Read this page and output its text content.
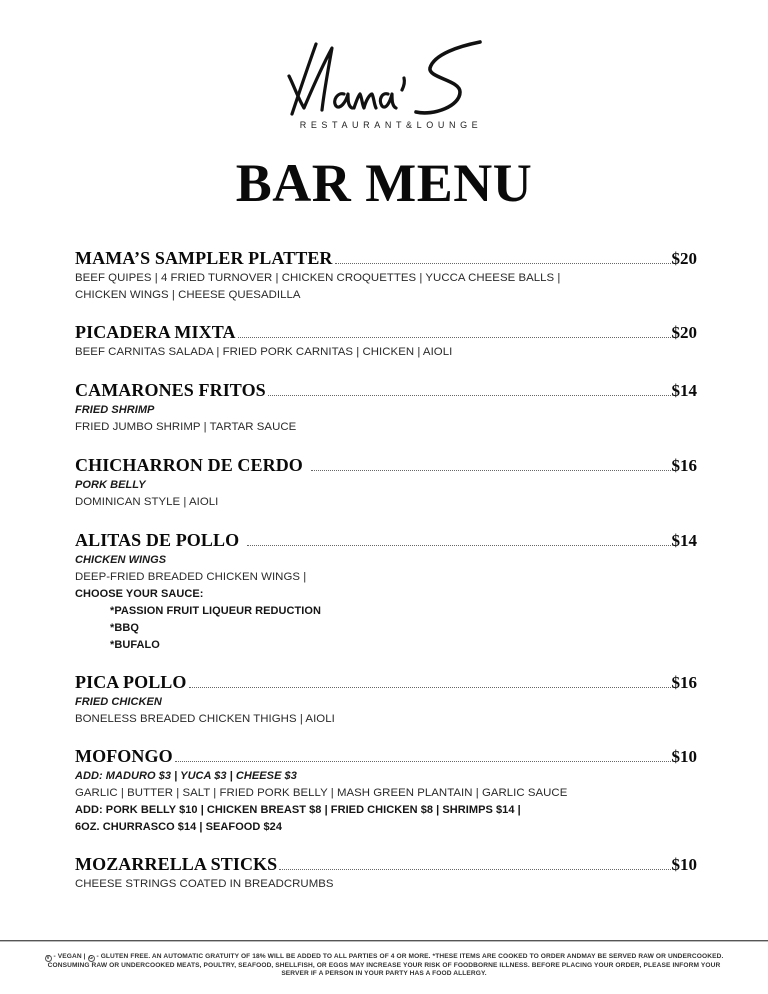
RESTAURANT&LOUNGE
BAR MENU
MAMA’S SAMPLER PLATTER	$20
BEEF QUIPES | 4 FRIED TURNOVER | CHICKEN CROQUETTES | YUCCA CHEESE BALLS |
CHICKEN WINGS | CHEESE QUESADILLA
PICADERA MIXTA	$20
BEEF CARNITAS SALADA | FRIED PORK CARNITAS | CHICKEN | AIOLI
CAMARONES FRITOS	$14
FRIED SHRIMP
FRIED JUMBO SHRIMP | TARTAR SAUCE
CHICHARRON DE CERDO	$16
PORK BELLY
DOMINICAN STYLE | AIOLI
ALITAS DE POLLO	$14
CHICKEN WINGS
DEEP-FRIED BREADED CHICKEN WINGS |
CHOOSE YOUR SAUCE:
*PASSION FRUIT LIQUEUR REDUCTION
*BBQ
*BUFALO
PICA POLLO	$16
FRIED CHICKEN
BONELESS BREADED CHICKEN THIGHS | AIOLI
MOFONGO	$10
ADD: MADURO $3 | YUCA $3 | CHEESE $3
GARLIC | BUTTER | SALT | FRIED PORK BELLY | MASH GREEN PLANTAIN | GARLIC SAUCE
ADD: PORK BELLY $10 | CHICKEN BREAST $8 | FRIED CHICKEN $8 | SHRIMPS $14 |
6OZ. CHURRASCO $14 | SEAFOOD $24
MOZARRELLA STICKS	$10
CHEESE STRINGS COATED IN BREADCRUMBS
V - VEGAN | G - GLUTEN FREE. AN AUTOMATIC GRATUITY OF 18% WILL BE ADDED TO ALL PARTIES OF 4 OR MORE. *THESE ITEMS ARE COOKED TO ORDER ANDMAY BE SERVED RAW OR UNDERCOOKED.
CONSUMING RAW OR UNDERCOOKED MEATS, POULTRY, SEAFOOD, SHELLFISH, OR EGGS MAY INCREASE YOUR RISK OF FOODBORNE ILLNESS. BEFORE PLACING YOUR ORDER, PLEASE INFORM YOUR
SERVER IF A PERSON IN YOUR PARTY HAS A FOOD ALLERGY.
